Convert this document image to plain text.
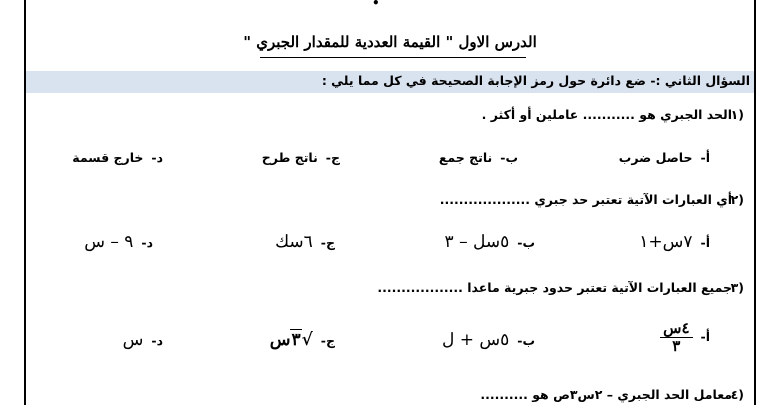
•
الدرس الاول " القيمة العددية للمقدار الجبري "
السؤال الثاني :- ضع دائرة حول رمز الإجابة الصحيحة في كل مما يلي :
١)
الحد الجبري هو ........... عاملين أو أكثر .
أ-حاصل ضرب
ب-ناتج جمع
ج-ناتج طرح
د-خارج قسمة
٢)
أي العبارات الآتية تعتبر حد جبري ...................
أ-٧س+١
ب-٥سل – ٣
ج-٦سك
د-٩ – س
٣)
جميع العبارات الآتية تعتبر حدود جبرية ماعدا ..................
أ-
$\frac{\text{٤س}}{٣}$
ب-٥س + ل
ج-√٣س
د-س
٤)
معامل الحد الجبري – ٢س٣ص هو ..........
